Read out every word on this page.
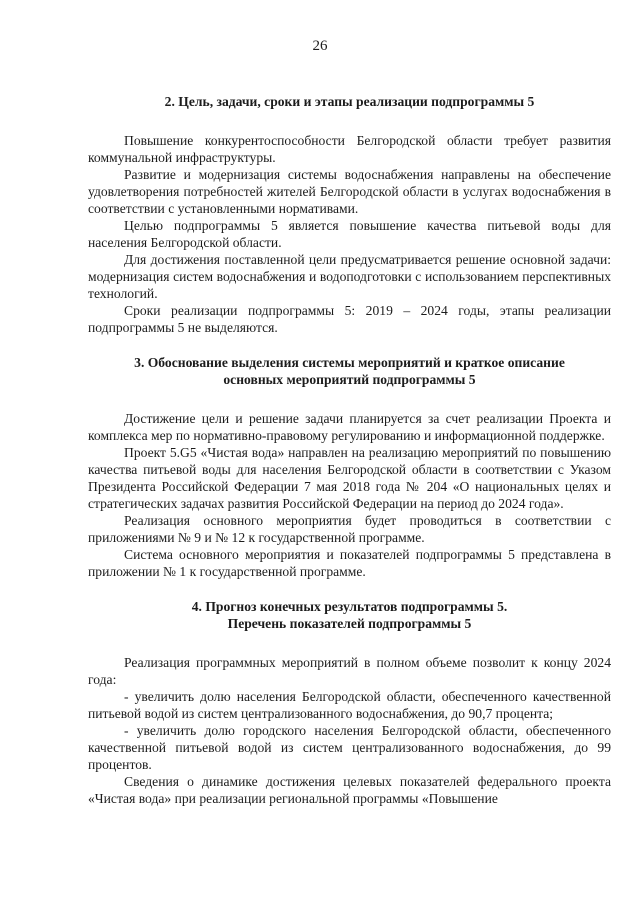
26
2. Цель, задачи, сроки и этапы реализации подпрограммы 5

Повышение конкурентоспособности Белгородской области требует развития коммунальной инфраструктуры.

Развитие и модернизация системы водоснабжения направлены на обеспечение удовлетворения потребностей жителей Белгородской области в услугах водоснабжения в соответствии с установленными нормативами.

Целью подпрограммы 5 является повышение качества питьевой воды для населения Белгородской области.

Для достижения поставленной цели предусматривается решение основной задачи: модернизация систем водоснабжения и водоподготовки с использованием перспективных технологий.

Сроки реализации подпрограммы 5: 2019 – 2024 годы, этапы реализации подпрограммы 5 не выделяются.

3. Обоснование выделения системы мероприятий и краткое описание
основных мероприятий подпрограммы 5

Достижение цели и решение задачи планируется за счет реализации Проекта и комплекса мер по нормативно-правовому регулированию и информационной поддержке.

Проект 5.G5 «Чистая вода» направлен на реализацию мероприятий по повышению качества питьевой воды для населения Белгородской области в соответствии с Указом Президента Российской Федерации 7 мая 2018 года № 204 «О национальных целях и стратегических задачах развития Российской Федерации на период до 2024 года».

Реализация основного мероприятия будет проводиться в соответствии с приложениями № 9 и № 12 к государственной программе.

Система основного мероприятия и показателей подпрограммы 5 представлена в приложении № 1 к государственной программе.

4. Прогноз конечных результатов подпрограммы 5.
Перечень показателей подпрограммы 5

Реализация программных мероприятий в полном объеме позволит к концу 2024 года:

- увеличить долю населения Белгородской области, обеспеченного качественной питьевой водой из систем централизованного водоснабжения, до 90,7 процента;

- увеличить долю городского населения Белгородской области, обеспеченного качественной питьевой водой из систем централизованного водоснабжения, до 99 процентов.

Сведения о динамике достижения целевых показателей федерального проекта «Чистая вода» при реализации региональной программы «Повышение
